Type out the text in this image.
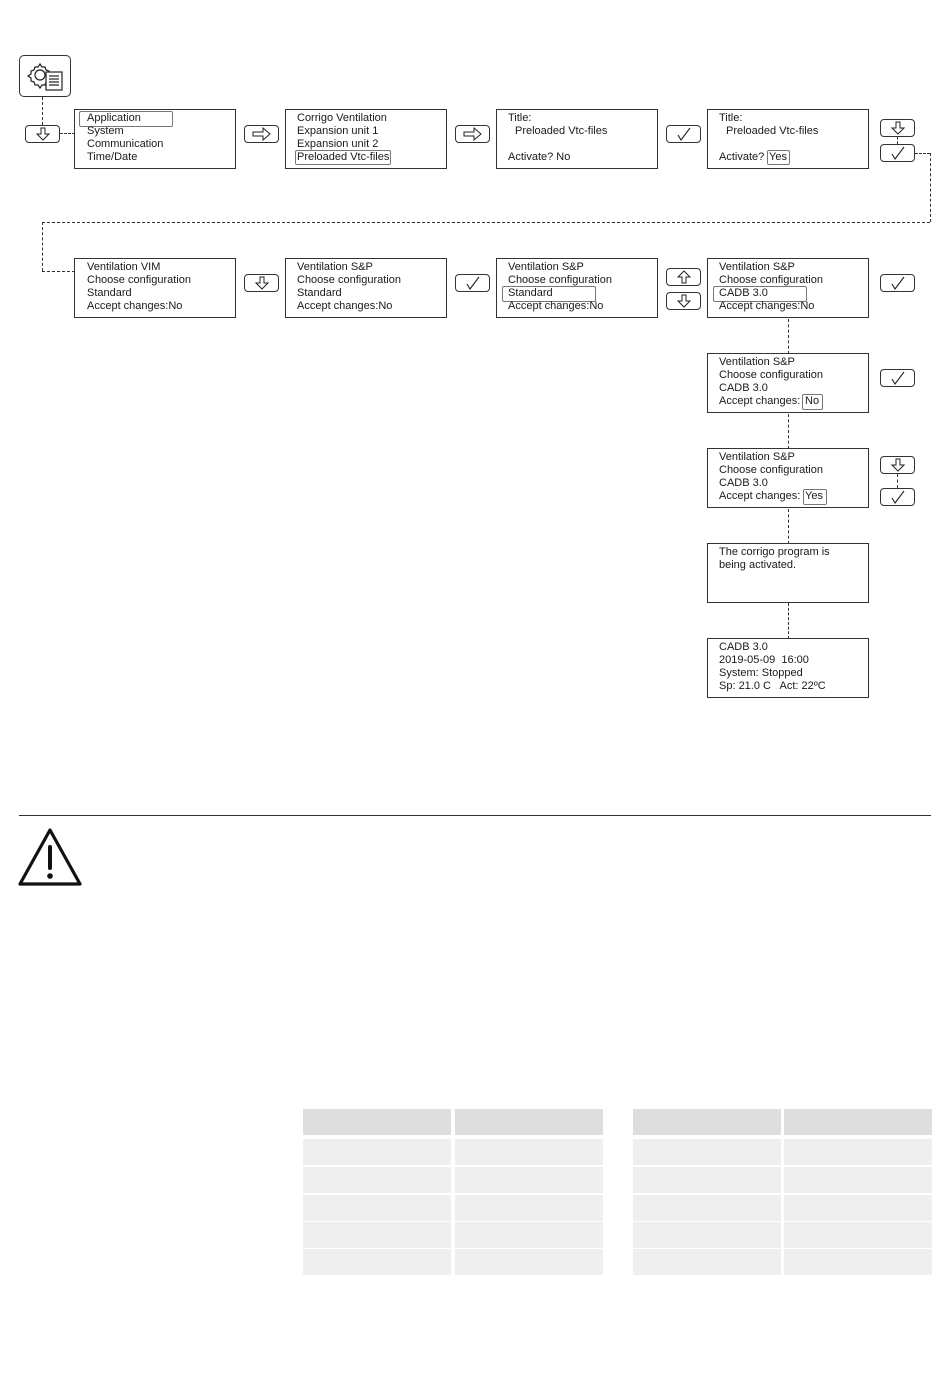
Application
System
Communication
Time/Date
Corrigo Ventilation
Expansion unit 1
Expansion unit 2
Preloaded Vtc-files
Title:
Preloaded Vtc-files
Activate? No
Title:
Preloaded Vtc-files
Activate? Yes
Ventilation VIM
Choose configuration
Standard
Accept changes:No
Ventilation S&P
Choose configuration
Standard
Accept changes:No
Ventilation S&P
Choose configuration
Standard
Accept changes:No
Ventilation S&P
Choose configuration
CADB 3.0
Accept changes:No
Ventilation S&P
Choose configuration
CADB 3.0
Accept changes: No
Ventilation S&P
Choose configuration
CADB 3.0
Accept changes: Yes
The corrigo program is
being activated.
CADB 3.0
2019-05-09  16:00
System: Stopped
Sp: 21.0 C   Act: 22ºC
